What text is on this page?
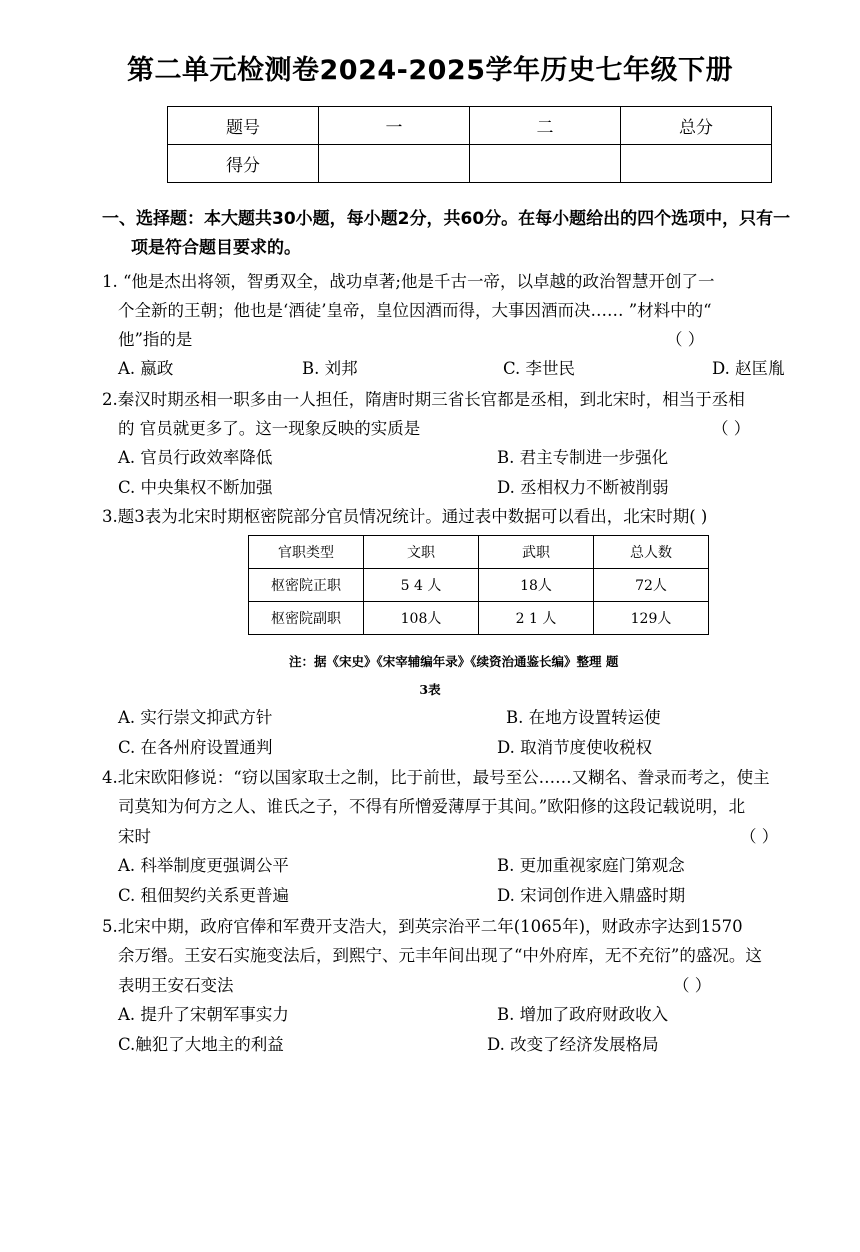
第二单元检测卷2024-2025学年历史七年级下册
题号	一	二	总分
得分			
一、选择题：本大题共30小题，每小题2分，共60分。在每小题给出的四个选项中，只有一
项是符合题目要求的。
1. “他是杰出将领，智勇双全，战功卓著;他是千古一帝，以卓越的政治智慧开创了一
个全新的王朝；他也是‘酒徒’皇帝，皇位因酒而得，大事因酒而决…… ”材料中的“
他”指的是	（ ）
A. 嬴政	B. 刘邦	C. 李世民	D. 赵匡胤
2.秦汉时期丞相一职多由一人担任，隋唐时期三省长官都是丞相，到北宋时，相当于丞相
的 官员就更多了。这一现象反映的实质是	（ ）
A. 官员行政效率降低	B. 君主专制进一步强化
C. 中央集权不断加强	D. 丞相权力不断被削弱
3.题3表为北宋时期枢密院部分官员情况统计。通过表中数据可以看出，北宋时期( )
官职类型	文职	武职	总人数
枢密院正职	5 4 人	18人	72人
枢密院副职	108人	2 1 人	129人
注：据《宋史》《宋宰辅编年录》《续资治通鉴长编》整理 题
3表
A. 实行崇文抑武方针	B. 在地方设置转运使
C. 在各州府设置通判	D. 取消节度使收税权
4.北宋欧阳修说：“窃以国家取士之制，比于前世，最号至公……又糊名、誊录而考之，使主
司莫知为何方之人、谁氏之子，不得有所憎爱薄厚于其间。”欧阳修的这段记载说明，北
宋时	（ ）
A. 科举制度更强调公平	B. 更加重视家庭门第观念
C. 租佃契约关系更普遍	D. 宋词创作进入鼎盛时期
5.北宋中期，政府官俸和军费开支浩大，到英宗治平二年(1065年)，财政赤字达到1570
余万缗。王安石实施变法后，到熙宁、元丰年间出现了“中外府库，无不充衍”的盛况。这
表明王安石变法	（ ）
A. 提升了宋朝军事实力	B. 增加了政府财政收入
C.触犯了大地主的利益	D. 改变了经济发展格局
